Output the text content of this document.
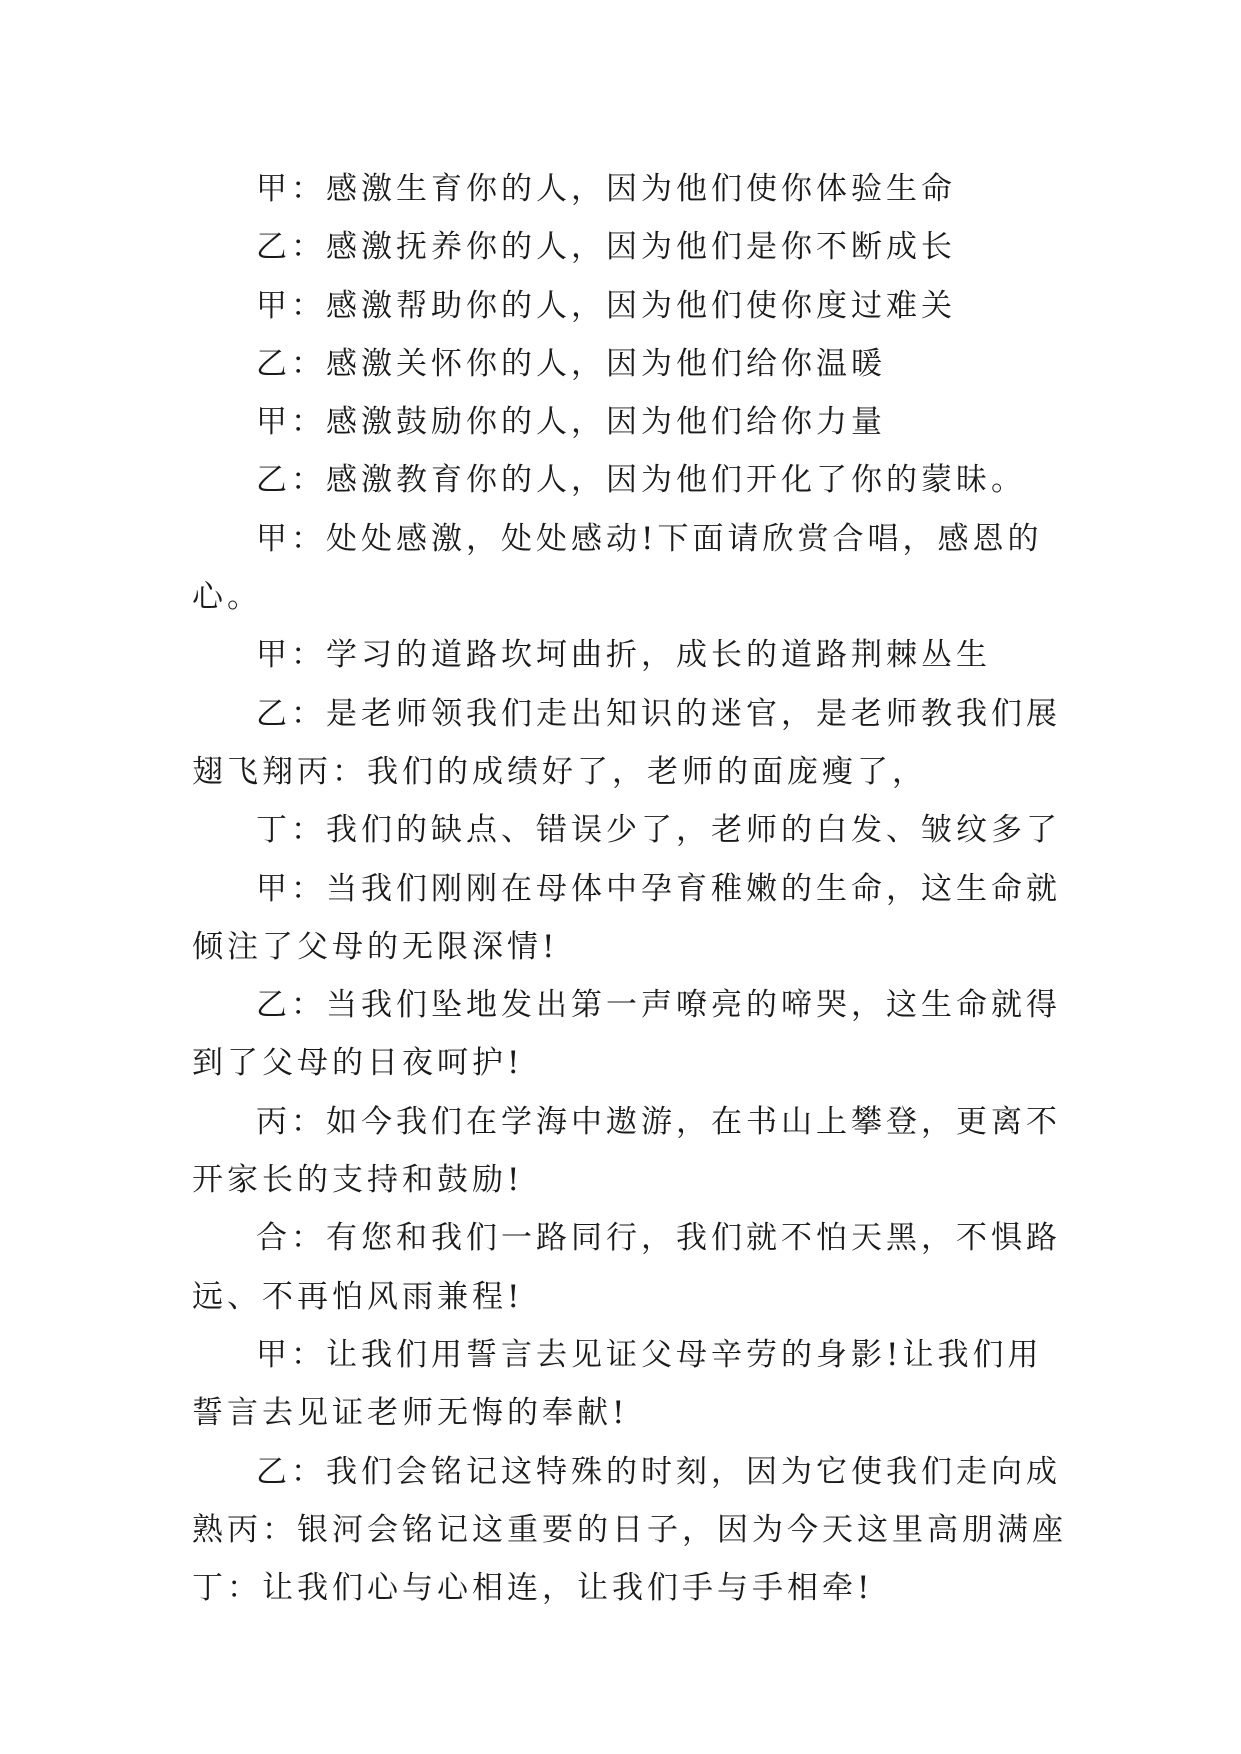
甲：感激生育你的人，因为他们使你体验生命

乙：感激抚养你的人，因为他们是你不断成长

甲：感激帮助你的人，因为他们使你度过难关

乙：感激关怀你的人，因为他们给你温暖

甲：感激鼓励你的人，因为他们给你力量

乙：感激教育你的人，因为他们开化了你的蒙昧。

甲：处处感激，处处感动!下面请欣赏合唱，感恩的心。

甲：学习的道路坎坷曲折，成长的道路荆棘丛生

乙：是老师领我们走出知识的迷官，是老师教我们展翅飞翔丙：我们的成绩好了，老师的面庞瘦了，

丁：我们的缺点、错误少了，老师的白发、皱纹多了

甲：当我们刚刚在母体中孕育稚嫩的生命，这生命就倾注了父母的无限深情!

乙：当我们坠地发出第一声嘹亮的啼哭，这生命就得到了父母的日夜呵护!

丙：如今我们在学海中遨游，在书山上攀登，更离不开家长的支持和鼓励!

合：有您和我们一路同行，我们就不怕天黑，不惧路远、不再怕风雨兼程!

甲：让我们用誓言去见证父母辛劳的身影!让我们用誓言去见证老师无悔的奉献!

乙：我们会铭记这特殊的时刻，因为它使我们走向成熟丙：银河会铭记这重要的日子，因为今天这里高朋满座丁：让我们心与心相连，让我们手与手相牵!
